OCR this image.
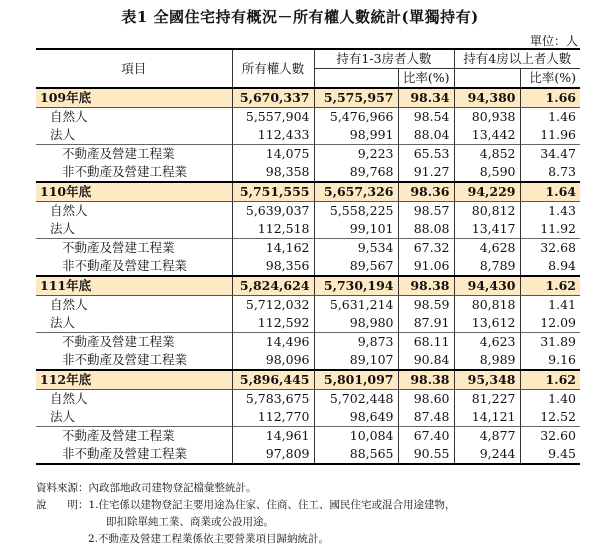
表1 全國住宅持有概況－所有權人數統計(單獨持有)
單位：人
項目	所有權人數	持有1-3房者人數		持有4房以上者人數	
			比率(%)		比率(%)
109年底	5,670,337	5,575,957	98.34	94,380	1.66
自然人	5,557,904	5,476,966	98.54	80,938	1.46
法人	112,433	98,991	88.04	13,442	11.96
不動產及營建工程業	14,075	9,223	65.53	4,852	34.47
非不動產及營建工程業	98,358	89,768	91.27	8,590	8.73
110年底	5,751,555	5,657,326	98.36	94,229	1.64
自然人	5,639,037	5,558,225	98.57	80,812	1.43
法人	112,518	99,101	88.08	13,417	11.92
不動產及營建工程業	14,162	9,534	67.32	4,628	32.68
非不動產及營建工程業	98,356	89,567	91.06	8,789	8.94
111年底	5,824,624	5,730,194	98.38	94,430	1.62
自然人	5,712,032	5,631,214	98.59	80,818	1.41
法人	112,592	98,980	87.91	13,612	12.09
不動產及營建工程業	14,496	9,873	68.11	4,623	31.89
非不動產及營建工程業	98,096	89,107	90.84	8,989	9.16
112年底	5,896,445	5,801,097	98.38	95,348	1.62
自然人	5,783,675	5,702,448	98.60	81,227	1.40
法人	112,770	98,649	87.48	14,121	12.52
不動產及營建工程業	14,961	10,084	67.40	4,877	32.60
非不動產及營建工程業	97,809	88,565	90.55	9,244	9.45
資料來源：內政部地政司建物登記檔彙整統計。
說　　明：1.住宅係以建物登記主要用途為住家、住商、住工、國民住宅或混合用途建物，
即扣除單純工業、商業或公設用途。
2.不動產及營建工程業係依主要營業項目歸納統計。
